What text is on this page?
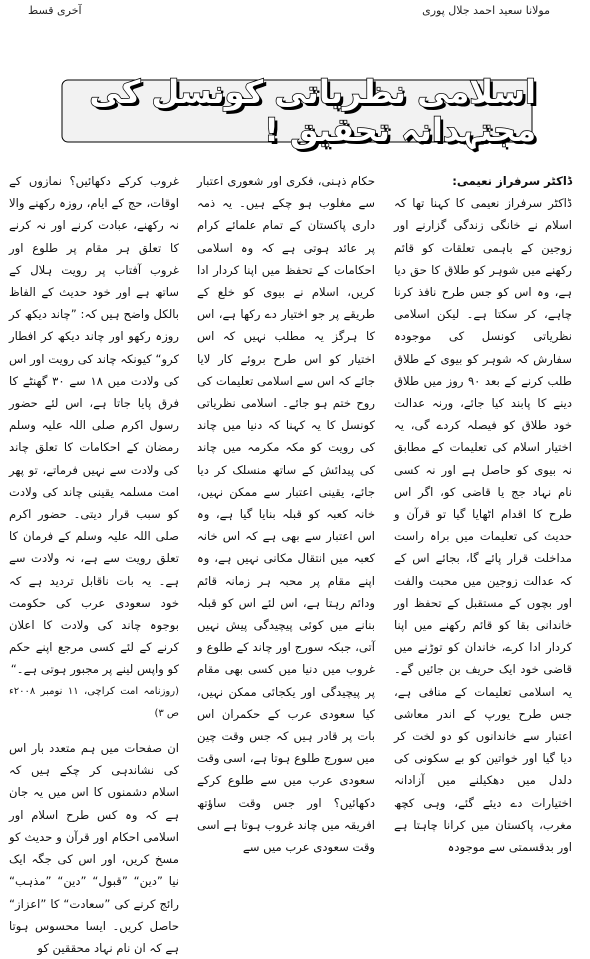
مولانا سعید احمد جلال پوری
آخری قسط
اسلامی نظریاتی کونسل کی مجتہدانہ تحقیق !

ڈاکٹر سرفراز نعیمی:

ڈاکٹر سرفراز نعیمی کا کہنا تھا کہ اسلام نے خانگی زندگی گزارنے اور زوجین کے باہمی تعلقات کو قائم رکھنے میں شوہر کو طلاق کا حق دیا ہے، وہ اس کو جس طرح نافذ کرنا چاہے، کر سکتا ہے۔ لیکن اسلامی نظریاتی کونسل کی موجودہ سفارش کہ شوہر کو بیوی کے طلاق طلب کرنے کے بعد ۹۰ روز میں طلاق دینے کا پابند کیا جائے، ورنہ عدالت خود طلاق کو فیصلہ کردے گی، یہ اختیار اسلام کی تعلیمات کے مطابق نہ بیوی کو حاصل ہے اور نہ کسی نام نہاد جج یا قاضی کو، اگر اس طرح کا اقدام اٹھایا گیا تو قرآن و حدیث کی تعلیمات میں براہ راست مداخلت قرار پائے گا، بجائے اس کے کہ عدالت زوجین میں محبت والفت اور بچوں کے مستقبل کے تحفظ اور خاندانی بقا کو قائم رکھنے میں اپنا کردار ادا کرے، خاندان کو توڑنے میں قاضی خود ایک حریف بن جائیں گے۔ یہ اسلامی تعلیمات کے منافی ہے، جس طرح یورپ کے اندر معاشی اعتبار سے خاندانوں کو دو لخت کر دیا گیا اور خواتین کو بے سکونی کی دلدل میں دھکیلنے میں آزادانہ اختیارات دے دیئے گئے، وہی کچھ مغرب، پاکستان میں کرانا چاہتا ہے اور بدقسمتی سے موجودہ

حکام ذہنی، فکری اور شعوری اعتبار سے مغلوب ہو چکے ہیں۔ یہ ذمہ داری پاکستان کے تمام علمائے کرام پر عائد ہوتی ہے کہ وہ اسلامی احکامات کے تحفظ میں اپنا کردار ادا کریں، اسلام نے بیوی کو خلع کے طریقے پر جو اختیار دے رکھا ہے، اس کا ہرگز یہ مطلب نہیں کہ اس اختیار کو اس طرح بروئے کار لایا جائے کہ اس سے اسلامی تعلیمات کی روح ختم ہو جائے۔ اسلامی نظریاتی کونسل کا یہ کہنا کہ دنیا میں چاند کی رویت کو مکہ مکرمہ میں چاند کی پیدائش کے ساتھ منسلک کر دیا جائے، یقینی اعتبار سے ممکن نہیں، خانہ کعبہ کو قبلہ بنایا گیا ہے، وہ اس اعتبار سے بھی ہے کہ اس خانہ کعبہ میں انتقال مکانی نہیں ہے، وہ اپنے مقام پر محبہ ہر زمانہ قائم ودائم رہتا ہے، اس لئے اس کو قبلہ بنانے میں کوئی پیچیدگی پیش نہیں آتی، جبکہ سورج اور چاند کے طلوع و غروب میں دنیا میں کسی بھی مقام پر پیچیدگی اور یکجائی ممکن نہیں، کیا سعودی عرب کے حکمران اس بات پر قادر ہیں کہ جس وقت چین میں سورج طلوع ہوتا ہے، اسی وقت سعودی عرب میں سے طلوع کرکے دکھائیں؟ اور جس وقت ساؤتھ افریقہ میں چاند غروب ہوتا ہے اسی وقت سعودی عرب میں سے

غروب کرکے دکھائیں؟ نمازوں کے اوقات، حج کے ایام، روزہ رکھنے والا نہ رکھنے، عبادت کرنے اور نہ کرنے کا تعلق ہر مقام پر طلوع اور غروب آفتاب پر رویت ہلال کے ساتھ ہے اور خود حدیث کے الفاظ بالکل واضح ہیں کہ: ”چاند دیکھ کر روزہ رکھو اور چاند دیکھ کر افطار کرو“ کیونکہ چاند کی رویت اور اس کی ولادت میں ۱۸ سے ۳۰ گھنٹے کا فرق پایا جاتا ہے، اس لئے حضور رسول اکرم صلی اللہ علیہ وسلم رمضان کے احکامات کا تعلق چاند کی ولادت سے نہیں فرماتے، تو پھر امت مسلمہ یقینی چاند کی ولادت کو سبب قرار دیتی۔ حضور اکرم صلی اللہ علیہ وسلم کے فرمان کا تعلق رویت سے ہے، نہ ولادت سے ہے۔ یہ بات ناقابل تردید ہے کہ خود سعودی عرب کی حکومت بوجوہ چاند کی ولادت کا اعلان کرنے کے لئے کسی مرجع اپنے حکم کو واپس لینے پر مجبور ہوتی ہے۔“

(روزنامہ امت کراچی، ۱۱ نومبر ۲۰۰۸ء ص ۳)

ان صفحات میں ہم متعدد بار اس کی نشاندہی کر چکے ہیں کہ اسلام دشمنوں کا اس میں یہ جان ہے کہ وہ کس طرح اسلام اور اسلامی احکام اور قرآن و حدیث کو مسخ کریں، اور اس کی جگہ ایک نیا ”دین“ ”قبول“ ”دین“ ”مذہب“ رائج کرنے کی ”سعادت“ کا ”اعزاز“ حاصل کریں۔ ایسا محسوس ہوتا ہے کہ ان نام نہاد محققین کو
